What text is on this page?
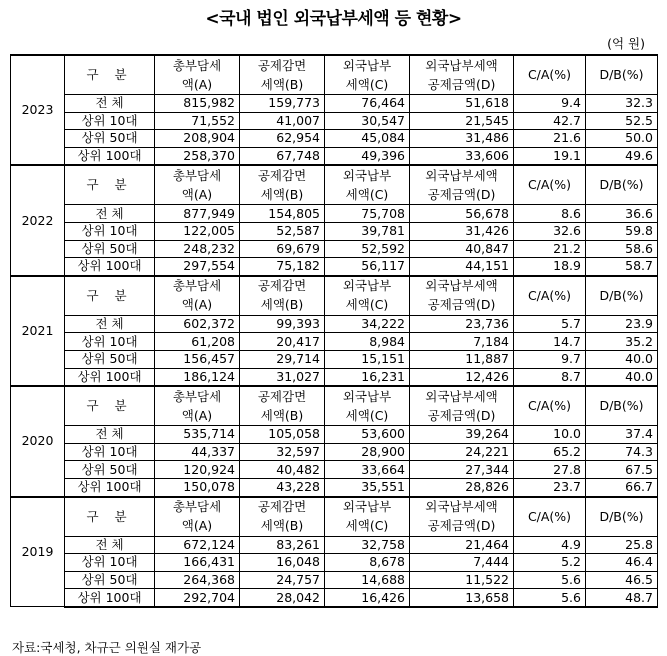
<국내 법인 외국납부세액 등 현황>
(억 원)
2023	구 분	총부담세	공제감면	외국납부	외국납부세액	C/A(%)	D/B(%)
		액(A)	세액(B)	세액(C)	공제금액(D)		
	전 체	815,982	159,773	76,464	51,618	9.4	32.3
	상위 10대	71,552	41,007	30,547	21,545	42.7	52.5
	상위 50대	208,904	62,954	45,084	31,486	21.6	50.0
	상위 100대	258,370	67,748	49,396	33,606	19.1	49.6
2022	구 분	총부담세	공제감면	외국납부	외국납부세액	C/A(%)	D/B(%)
		액(A)	세액(B)	세액(C)	공제금액(D)		
	전 체	877,949	154,805	75,708	56,678	8.6	36.6
	상위 10대	122,005	52,587	39,781	31,426	32.6	59.8
	상위 50대	248,232	69,679	52,592	40,847	21.2	58.6
	상위 100대	297,554	75,182	56,117	44,151	18.9	58.7
2021	구 분	총부담세	공제감면	외국납부	외국납부세액	C/A(%)	D/B(%)
		액(A)	세액(B)	세액(C)	공제금액(D)		
	전 체	602,372	99,393	34,222	23,736	5.7	23.9
	상위 10대	61,208	20,417	8,984	7,184	14.7	35.2
	상위 50대	156,457	29,714	15,151	11,887	9.7	40.0
	상위 100대	186,124	31,027	16,231	12,426	8.7	40.0
2020	구 분	총부담세	공제감면	외국납부	외국납부세액	C/A(%)	D/B(%)
		액(A)	세액(B)	세액(C)	공제금액(D)		
	전 체	535,714	105,058	53,600	39,264	10.0	37.4
	상위 10대	44,337	32,597	28,900	24,221	65.2	74.3
	상위 50대	120,924	40,482	33,664	27,344	27.8	67.5
	상위 100대	150,078	43,228	35,551	28,826	23.7	66.7
2019	구 분	총부담세	공제감면	외국납부	외국납부세액	C/A(%)	D/B(%)
		액(A)	세액(B)	세액(C)	공제금액(D)		
	전 체	672,124	83,261	32,758	21,464	4.9	25.8
	상위 10대	166,431	16,048	8,678	7,444	5.2	46.4
	상위 50대	264,368	24,757	14,688	11,522	5.6	46.5
	상위 100대	292,704	28,042	16,426	13,658	5.6	48.7
자료:국세청, 차규근 의원실 재가공
